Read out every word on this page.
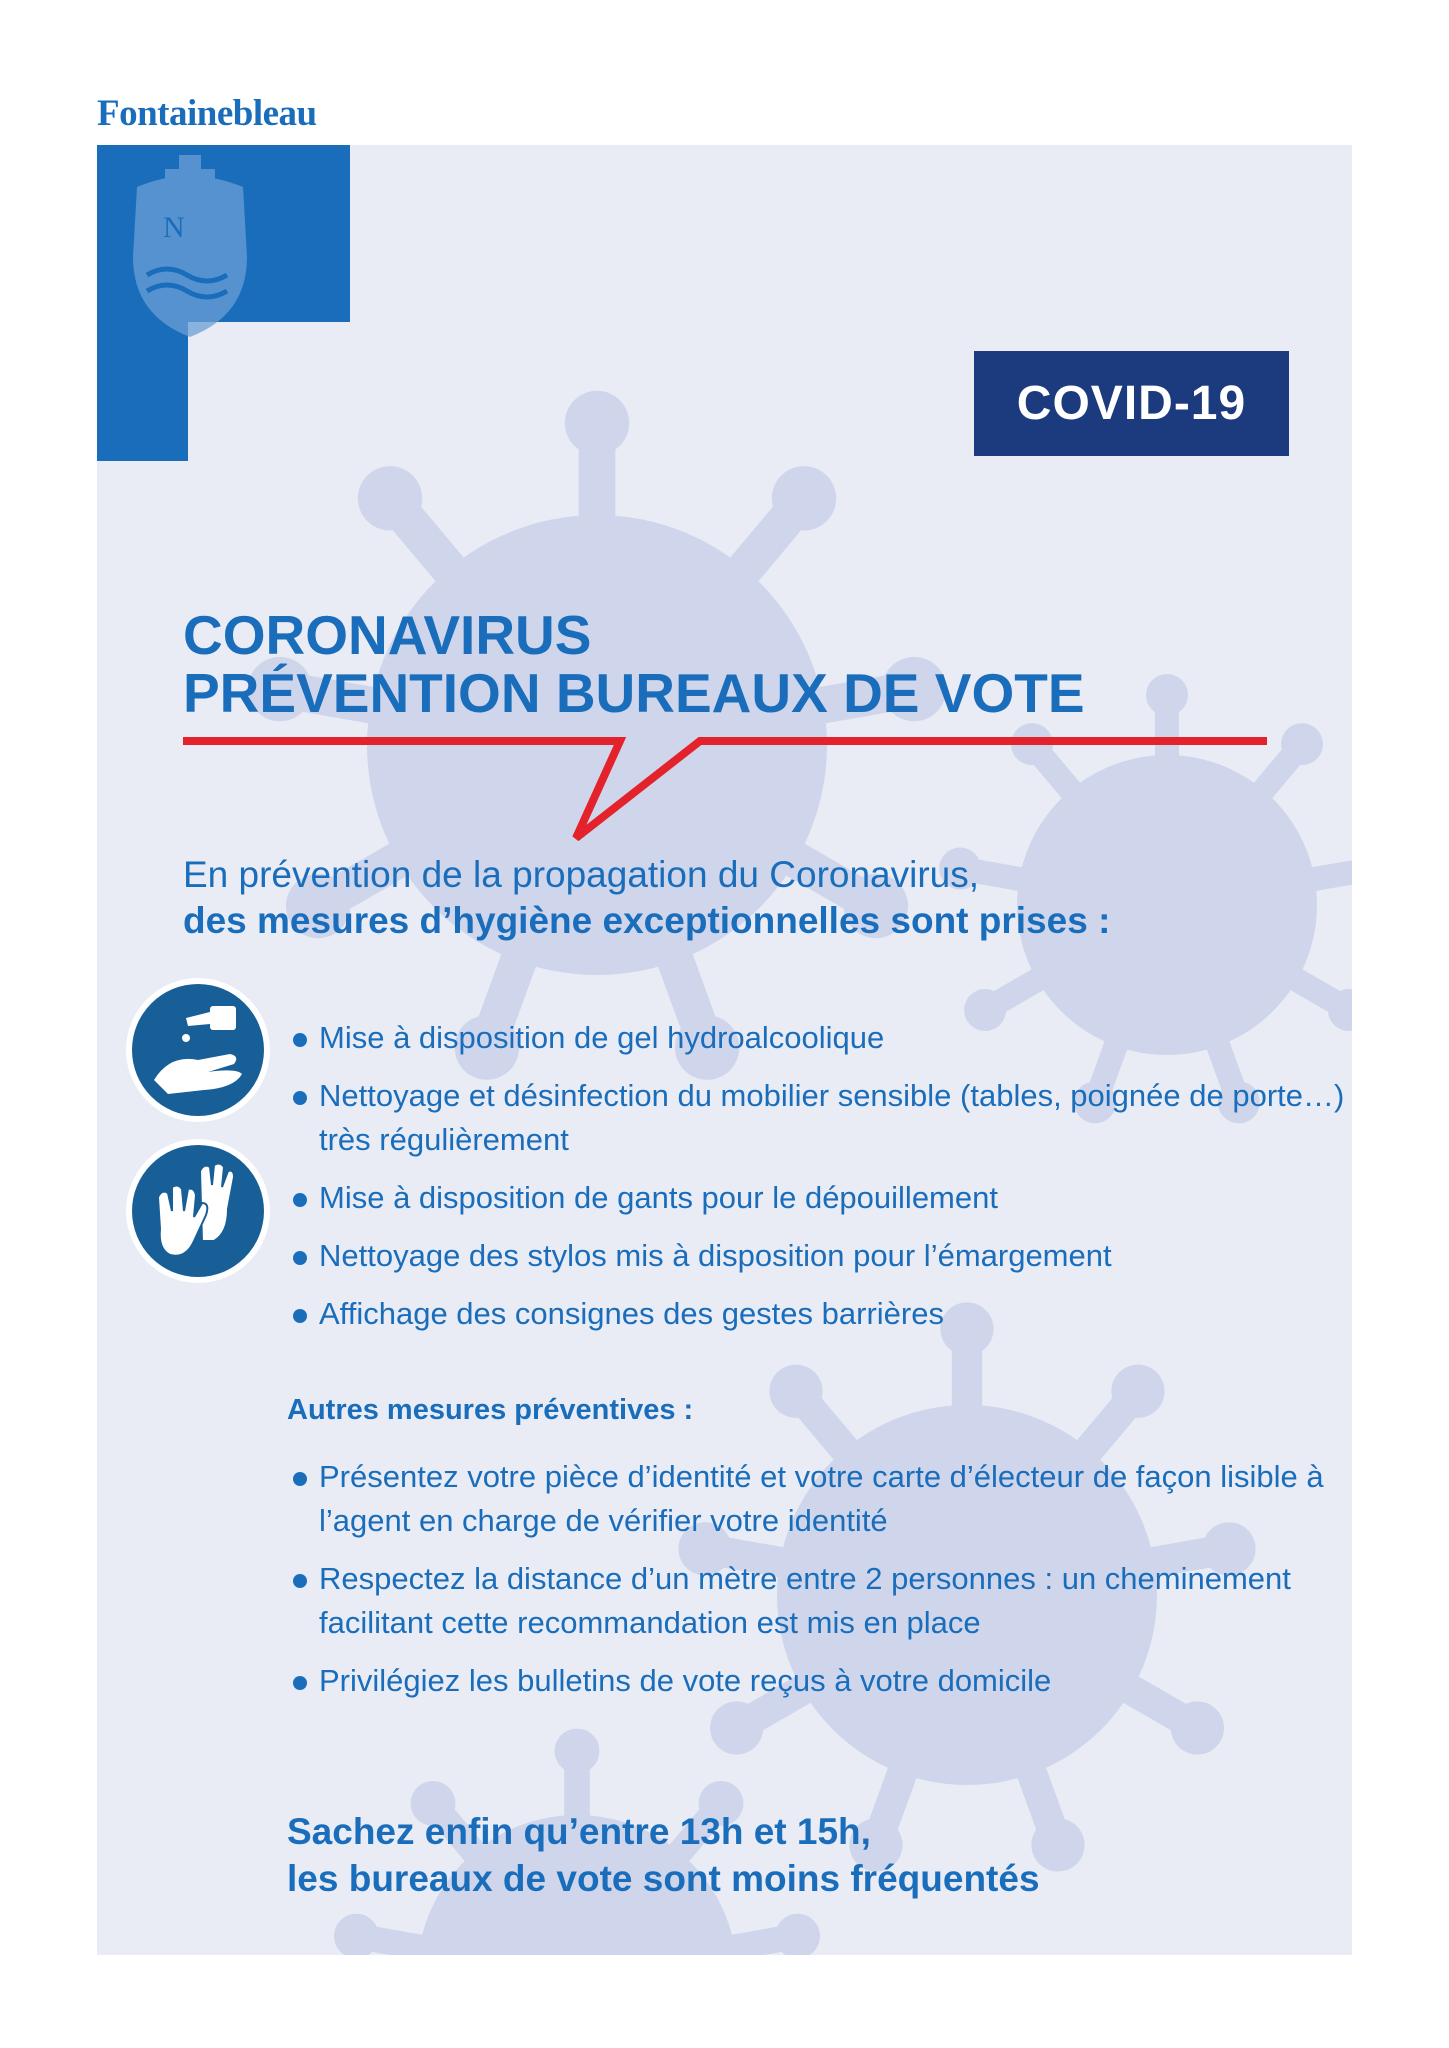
Fontainebleau
N
COVID-19
CORONAVIRUS
PRÉVENTION BUREAUX DE VOTE
En prévention de la propagation du Coronavirus,
des mesures d’hygiène exceptionnelles sont prises :
Mise à disposition de gel hydroalcoolique
Nettoyage et désinfection du mobilier sensible (tables, poignée de porte…) très régulièrement
Mise à disposition de gants pour le dépouillement
Nettoyage des stylos mis à disposition pour l’émargement
Affichage des consignes des gestes barrières
Autres mesures préventives :
Présentez votre pièce d’identité et votre carte d’électeur de façon lisible à l’agent en charge de vérifier votre identité
Respectez la distance d’un mètre entre 2 personnes : un cheminement facilitant cette recommandation est mis en place
Privilégiez les bulletins de vote reçus à votre domicile
Sachez enfin qu’entre 13h et 15h,
les bureaux de vote sont moins fréquentés
